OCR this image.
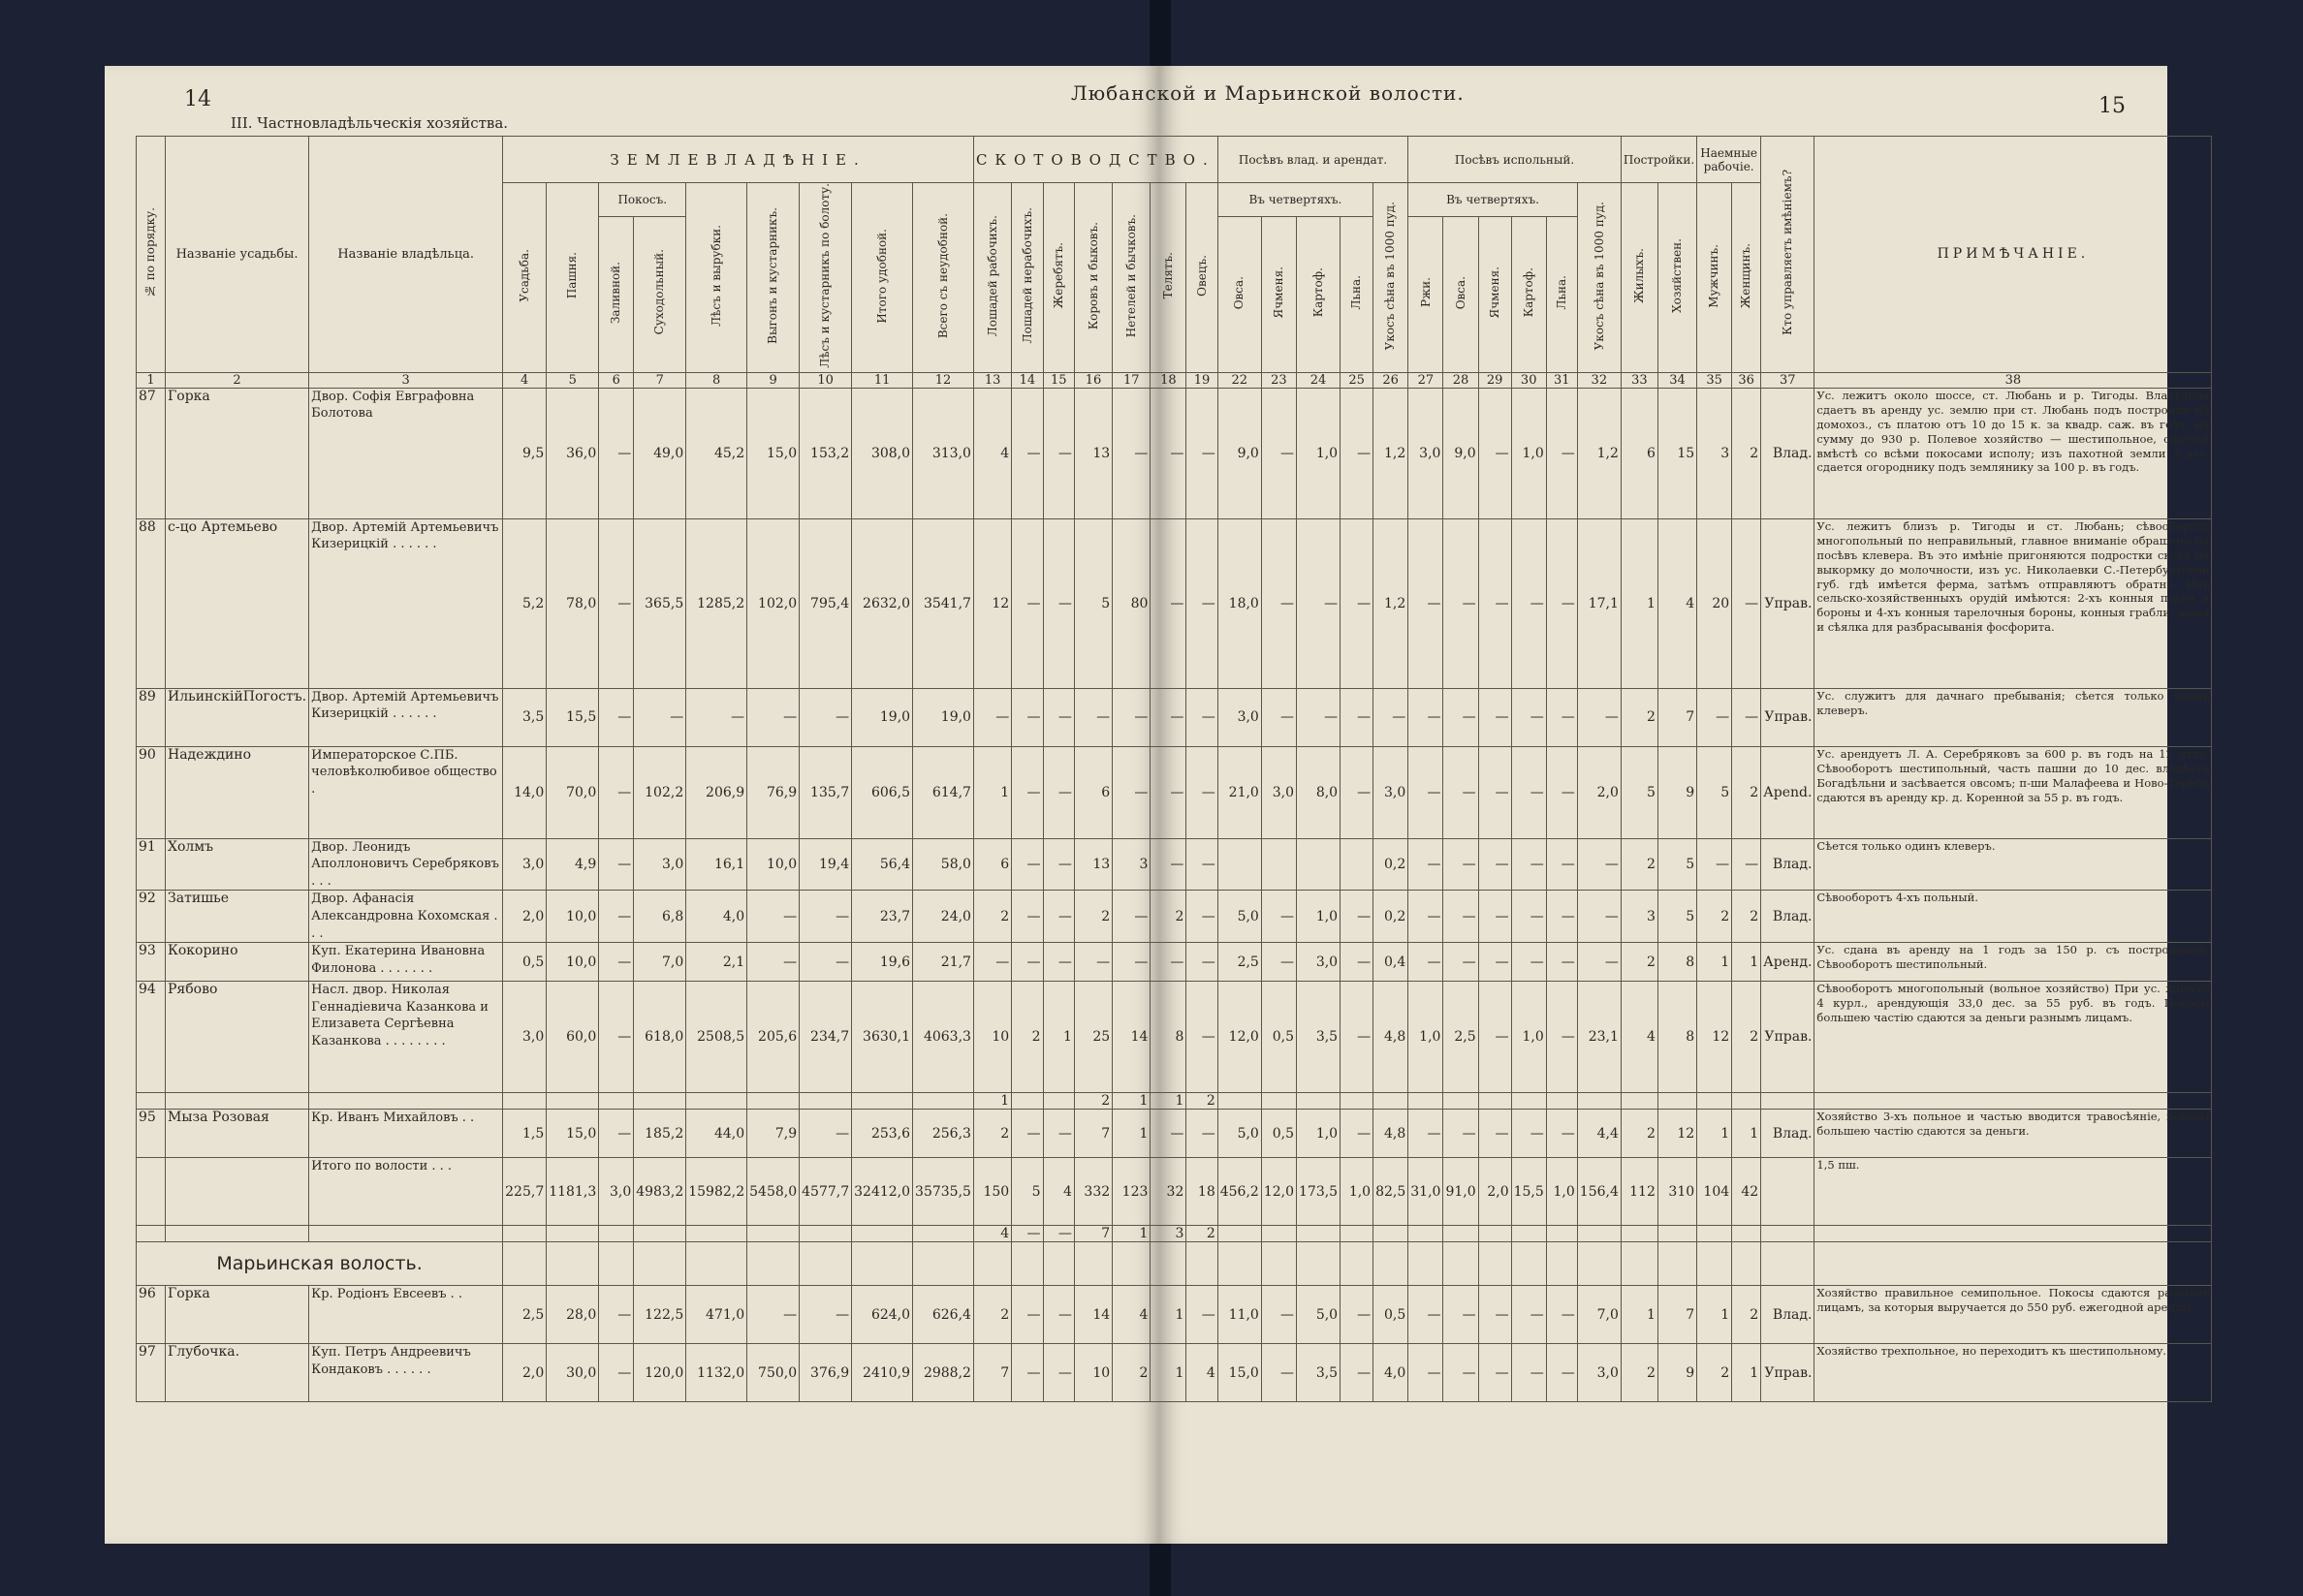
14	15
Любанской и Марьинской волости.
III. Частновладѣльческія хозяйства.
№ по порядку.	Названіе усадьбы.	Названіе владѣльца.	ЗЕМЛЕВЛАДѢНІЕ.									СКОТОВОДСТВО.							Посѣвъ влад. и арендат.					Посѣвъ испольный.						Постройки.		Наемные рабочіе.		Кто управляетъ имѣніемъ?	ПРИМѢЧАНІЕ.
			Усадьба.	Пашня.	Покосъ.		Лѣсъ и вырубки.	Выгонъ и кустарникъ.	Лѣсъ и кустарникъ по болоту.	Итого удобной.	Всего съ неудобной.	Лошадей рабочихъ.	Лошадей нерабочихъ.	Жеребятъ.	Коровъ и быковъ.	Нетелей и бычковъ.	Телятъ.	Овецъ.	Въ четвертяхъ.				Укосъ сѣна въ 1000 пуд.	Въ четвертяхъ.					Укосъ сѣна въ 1000 пуд.	Жилыхъ.	Хозяйствен.	Мужчинъ.	Женщинъ.		
					Заливной.	Суходольный.													Овса.	Ячменя.	Картоф.	Льна.		Ржи.	Овса.	Ячменя.	Картоф.	Льна.							
1	2	3	4	5	6	7	8	9	10	11	12	13	14	15	16	17	18	19	22	23	24	25	26	27	28	29	30	31	32	33	34	35	36	37	38
87	Горка	Двор. Софія Евграфовна Болотова	9,5	36,0	—	49,0	45,2	15,0	153,2	308,0	313,0	4	—	—	13	—	—	—	9,0	—	1,0	—	1,2	3,0	9,0	—	1,0	—	1,2	6	15	3	2	Влад.	Ус. лежитъ около шоссе, ст. Любань и р. Тигоды. Владѣлица сдаетъ въ аренду ус. землю при ст. Любань подъ постройки 65 домохоз., съ платою отъ 10 до 15 к. за квадр. саж. въ годъ, на сумму до 930 р. Полевое хозяйство — шестипольное, сдается вмѣстѣ со всѣми покосами исполу; изъ пахотной земли 3 дес. сдается огороднику подъ землянику за 100 р. въ годъ.
88	с-цо Артемьево	Двор. Артемій Артемьевичъ Кизерицкій . . . . . .	5,2	78,0	—	365,5	1285,2	102,0	795,4	2632,0	3541,7	12	—	—	5	80	—	—	18,0	—	—	—	1,2	—	—	—	—	—	17,1	1	4	20	—	Управ.	Ус. лежитъ близъ р. Тигоды и ст. Любань; сѣвооборотъ многопольный по неправильный, главное вниманіе обращено на посѣвъ клевера. Въ это имѣніе пригоняются подростки скота на выкормку до молочности, изъ ус. Николаевки С.-Петербургской губ. гдѣ имѣется ферма, затѣмъ отправляютъ обратно. Изъ сельско-хозяйственныхъ орудій имѣются: 2-хъ конныя плуги и бороны и 4-хъ конныя тарелочныя бороны, конныя грабли, жнея и сѣялка для разбрасыванія фосфорита.
89	ИльинскійПогостъ.	Двор. Артемій Артемьевичъ Кизерицкій . . . . . .	3,5	15,5	—	—	—	—	—	19,0	19,0	—	—	—	—	—	—	—	3,0	—	—	—	—	—	—	—	—	—	—	2	7	—	—	Управ.	Ус. служитъ для дачнаго пребыванія; сѣется только одинъ клеверъ.
90	Надеждино	Императорское С.ПБ. человѣколюбивое общество .	14,0	70,0	—	102,2	206,9	76,9	135,7	606,5	614,7	1	—	—	6	—	—	—	21,0	3,0	8,0	—	3,0	—	—	—	—	—	2,0	5	9	5	2	Арend.	Ус. арендуетъ Л. А. Серебряковъ за 600 р. въ годъ на 12 лѣтъ. Сѣвооборотъ шестипольный, часть пашни до 10 дес. владѣетъ Богадѣльни и засѣвается овсомъ; п-ши Малафеева и Ново-Терѣбъ сдаются въ аренду кр. д. Коренной за 55 р. въ годъ.
91	Холмъ	Двор. Леонидъ Аполлоновичъ Серебряковъ . . .	3,0	4,9	—	3,0	16,1	10,0	19,4	56,4	58,0	6	—	—	13	3	—	—					0,2	—	—	—	—	—	—	2	5	—	—	Влад.	Сѣется только одинъ клеверъ.
92	Затишье	Двор. Афанасія Александровна Кохомская . . .	2,0	10,0	—	6,8	4,0	—	—	23,7	24,0	2	—	—	2	—	2	—	5,0	—	1,0	—	0,2	—	—	—	—	—	—	3	5	2	2	Влад.	Сѣвооборотъ 4-хъ польный.
93	Кокорино	Куп. Екатерина Ивановна Филонова . . . . . . .	0,5	10,0	—	7,0	2,1	—	—	19,6	21,7	—	—	—	—	—	—	—	2,5	—	3,0	—	0,4	—	—	—	—	—	—	2	8	1	1	Аренд.	Ус. сдана въ аренду на 1 годъ за 150 р. съ постройками. Сѣвооборотъ шестипольный.
94	Рябово	Насл. двор. Николая Геннадіевича Казанкова и Елизавета Сергѣевна Казанкова . . . . . . . .	3,0	60,0	—	618,0	2508,5	205,6	234,7	3630,1	4063,3	10	2	1	25	14	8	—	12,0	0,5	3,5	—	4,8	1,0	2,5	—	1,0	—	23,1	4	8	12	2	Управ.	Сѣвооборотъ многопольный (вольное хозяйство) При ус. живутъ 4 курл., арендующія 33,0 дес. за 55 руб. въ годъ. Покосы большею частію сдаются за деньги разнымъ лицамъ.
												1			2	1	1	2																	
95	Мыза Розовая	Кр. Иванъ Михайловъ . .	1,5	15,0	—	185,2	44,0	7,9	—	253,6	256,3	2	—	—	7	1	—	—	5,0	0,5	1,0	—	4,8	—	—	—	—	—	4,4	2	12	1	1	Влад.	Хозяйство 3-хъ польное и частью вводится травосѣяніе, покосы большею частію сдаются за деньги.
		Итого по волости . . .	225,7	1181,3	3,0	4983,2	15982,2	5458,0	4577,7	32412,0	35735,5	150	5	4	332	123	32	18	456,2	12,0	173,5	1,0	82,5	31,0	91,0	2,0	15,5	1,0	156,4	112	310	104	42		1,5 пш.
												4	—	—	7	1	3	2																	
Марьинская волость.																																			
96	Горка	Кр. Родіонъ Евсеевъ . .	2,5	28,0	—	122,5	471,0	—	—	624,0	626,4	2	—	—	14	4	1	—	11,0	—	5,0	—	0,5	—	—	—	—	—	7,0	1	7	1	2	Влад.	Хозяйство правильное семипольное. Покосы сдаются разнымъ лицамъ, за которыя выручается до 550 руб. ежегодной аренды.
97	Глубочка.	Куп. Петръ Андреевичъ Кондаковъ . . . . . .	2,0	30,0	—	120,0	1132,0	750,0	376,9	2410,9	2988,2	7	—	—	10	2	1	4	15,0	—	3,5	—	4,0	—	—	—	—	—	3,0	2	9	2	1	Управ.	Хозяйство трехпольное, но переходитъ къ шестипольному.
